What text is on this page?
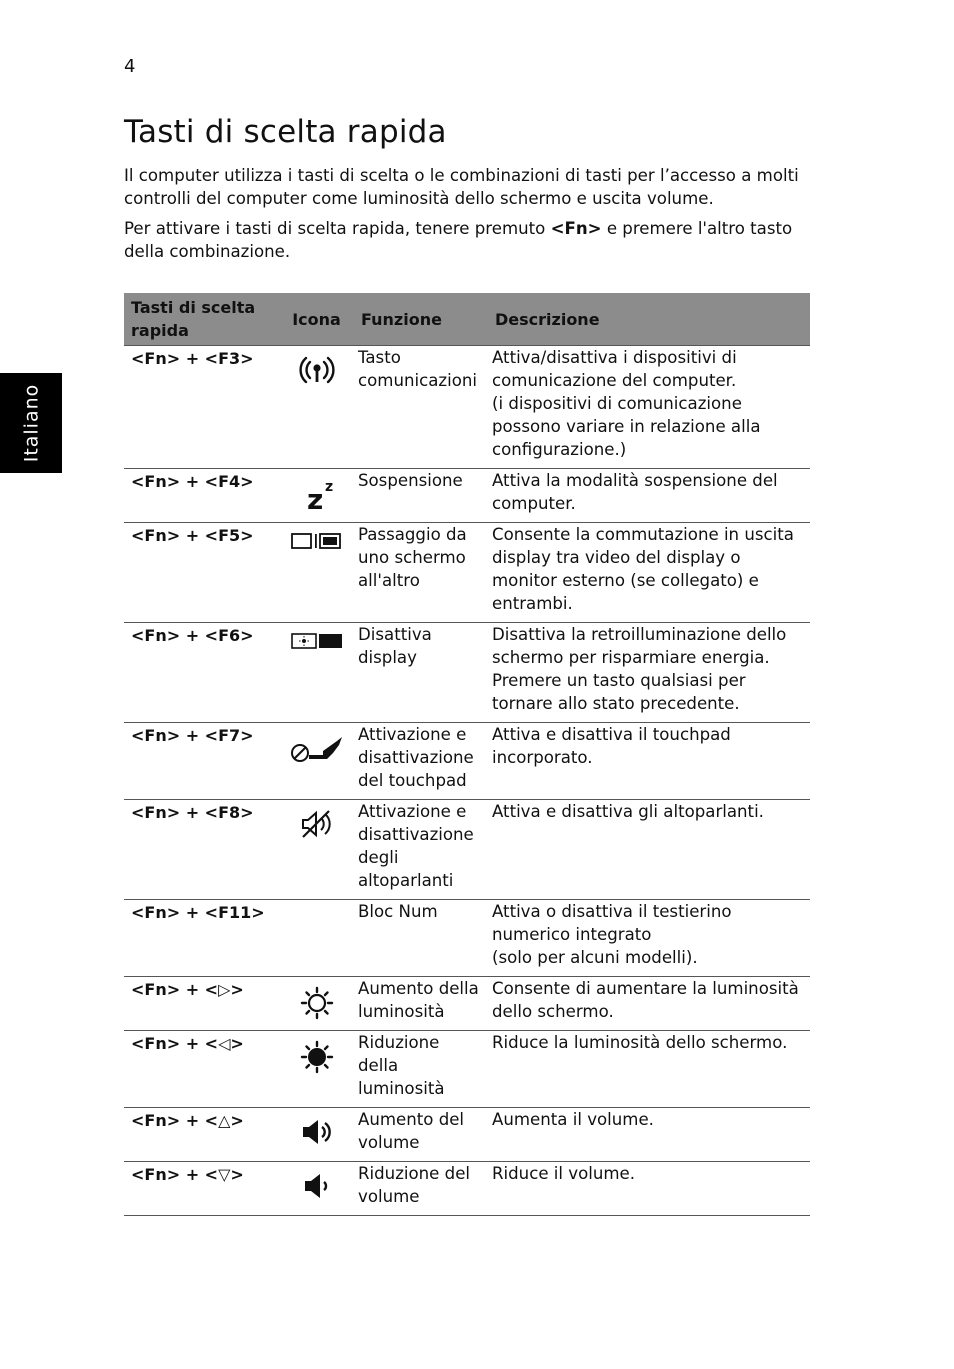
4
Italiano
Tasti di scelta rapida

Il computer utilizza i tasti di scelta o le combinazioni di tasti per l’accesso a molti controlli del computer come luminosità dello schermo e uscita volume.

Per attivare i tasti di scelta rapida, tenere premuto <Fn> e premere l'altro tasto della combinazione.

Tasti di scelta rapida	Icona	Funzione	Descrizione
<Fn> + <F3>		Tasto comunicazioni	Attiva/disattiva i dispositivi di comunicazione del computer.
(i dispositivi di comunicazione possono variare in relazione alla configurazione.)

<Fn> + <F4>	z z	Sospensione	Attiva la modalità sospensione del computer.

<Fn> + <F5>		Passaggio da uno schermo all'altro	Consente la commutazione in uscita display tra video del display o monitor esterno (se collegato) e entrambi.

<Fn> + <F6>		Disattiva display	Disattiva la retroilluminazione dello schermo per risparmiare energia. Premere un tasto qualsiasi per tornare allo stato precedente.

<Fn> + <F7>		Attivazione e disattivazione del touchpad	Attiva e disattiva il touchpad incorporato.

<Fn> + <F8>		Attivazione e disattivazione degli altoparlanti	Attiva e disattiva gli altoparlanti.

<Fn> + <F11>		Bloc Num	Attiva o disattiva il testierino numerico integrato
(solo per alcuni modelli).

<Fn> + <▷>		Aumento della luminosità	Consente di aumentare la luminosità dello schermo.

<Fn> + <◁>		Riduzione della luminosità	Riduce la luminosità dello schermo.

<Fn> + <△>		Aumento del volume	Aumenta il volume.

<Fn> + <▽>		Riduzione del volume	Riduce il volume.
